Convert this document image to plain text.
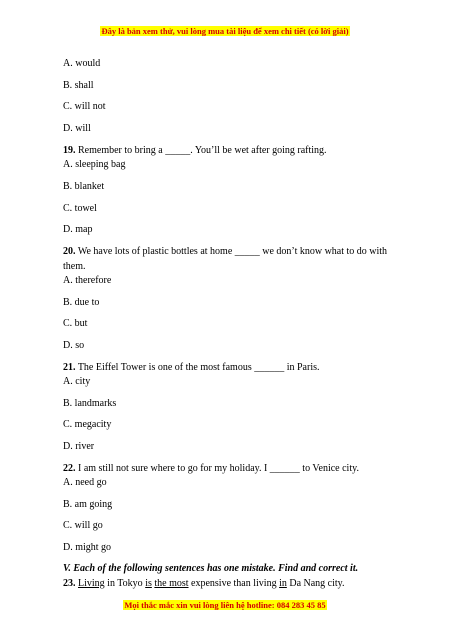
Đây là bản xem thử, vui lòng mua tài liệu để xem chi tiết (có lời giải)
A. would
B. shall
C. will not
D. will
19. Remember to bring a _____. You’ll be wet after going rafting.
A. sleeping bag
B. blanket
C. towel
D. map
20. We have lots of plastic bottles at home _____ we don’t know what to do with
them.
A. therefore
B. due to
C. but
D. so
21. The Eiffel Tower is one of the most famous ______ in Paris.
A. city
B. landmarks
C. megacity
D. river
22. I am still not sure where to go for my holiday. I ______ to Venice city.
A. need go
B. am going
C. will go
D. might go
V. Each of the following sentences has one mistake. Find and correct it.
23. Living in Tokyo is the most expensive than living in Da Nang city.
Mọi thắc mắc xin vui lòng liên hệ hotline: 084 283 45 85
